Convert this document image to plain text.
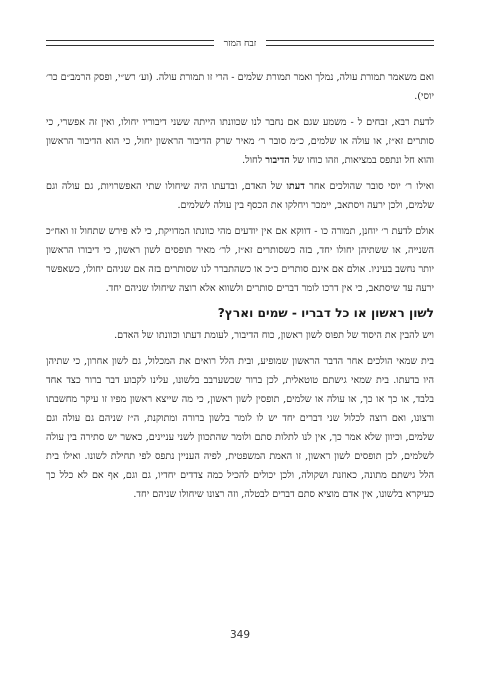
זבח המזר

ואם משאמר תמורת עולה, נמלך ואמר תמורת שלמים - הרי זו תמורת עולה. (וע׳ רש״י, ופסק הרמב״ם כר׳ יוסי).

לדעת רבא, זבחים ל - משמע שגם אם נחבר לנו שכוונתו הייתה ששני דיבוריו יחולו, ואין זה אפשרי, כי סותרים זא״ז, או עולה או שלמים, כ״מ סובר ר׳ מאיר שרק הדיבור הראשון יחול, כי הוא הדיבור הראשון והוא חל ונתפס במציאות, וזהו כוחו של הדיבור לחול.

ואילו ר׳ יוסי סובר שהולכים אחר דעתו של האדם, ובדעתו היה שיחולו שתי האפשרויות, גם עולה וגם שלמים, ולכן ירעה ויסתאב, יימכר ויחלקו את הכסף בין עולה לשלמים.

אולם לדעת ר׳ יוחנן, תמורה כו - דווקא אם אין יודעים מהי כוונתו המדויקת, כי לא פירש שתחול זו ואח״כ השנייה, או ששתיהן יחולו יחד, בזה כשסותרים זא״ז, לר׳ מאיר תופסים לשון ראשון, כי דיבורו הראשון יותר נחשב בעיניו. אולם אם אינם סותרים כ״כ או כשהתברר לנו שסותרים בזה אם שניהם יחולו, כשאפשר ירעה עד שיסתאב, כי אין דרכו לומר דברים סותרים ולשווא אלא רוצה שיחולו שניהם יחד.

לשון ראשון או כל דבריו - שמים וארץ?

ויש להבין את היסוד של תפוס לשון ראשון, כוח הדיבור, לעומת דעתו וכוונתו של האדם.

בית שמאי הולכים אחר הדבר הראשון שמופיע, ובית הלל רואים את המכלול, גם לשון אחרון, כי שתיהן היו בדעתו. בית שמאי גישתם טוטאלית, לכן ברור שכשערבב בלשונו, עלינו לקבוע דבר ברור כצד אחד בלבד, או כך או כך, או עולה או שלמים, תופסין לשון ראשון, כי מה שייצא ראשון מפיו זו עיקר מחשבתו ורצונו, ואם רוצה לכלול שני דברים יחד יש לו לומר בלשון ברורה ומתוקנת, ה״ז שניהם גם עולה וגם שלמים, וכיוון שלא אמר כך, אין לנו לתלות סתם ולומר שהתכוון לשני עניינים, כאשר יש סתירה בין עולה לשלמים, לכן תופסים לשון ראשון, זו האמת המשפטית, לפיה העניין נתפס לפי תחילת לשונו. ואילו בית הלל גישתם מתונה, כאוזנת ושקולה, ולכן יכולים להכיל כמה צדדים יחדיו, גם וגם, אף אם לא כלל כך כעיקרא בלשונו, אין אדם מוציא סתם דברים לבטלה, וזה רצונו שיחולו שניהם יחד.

349
